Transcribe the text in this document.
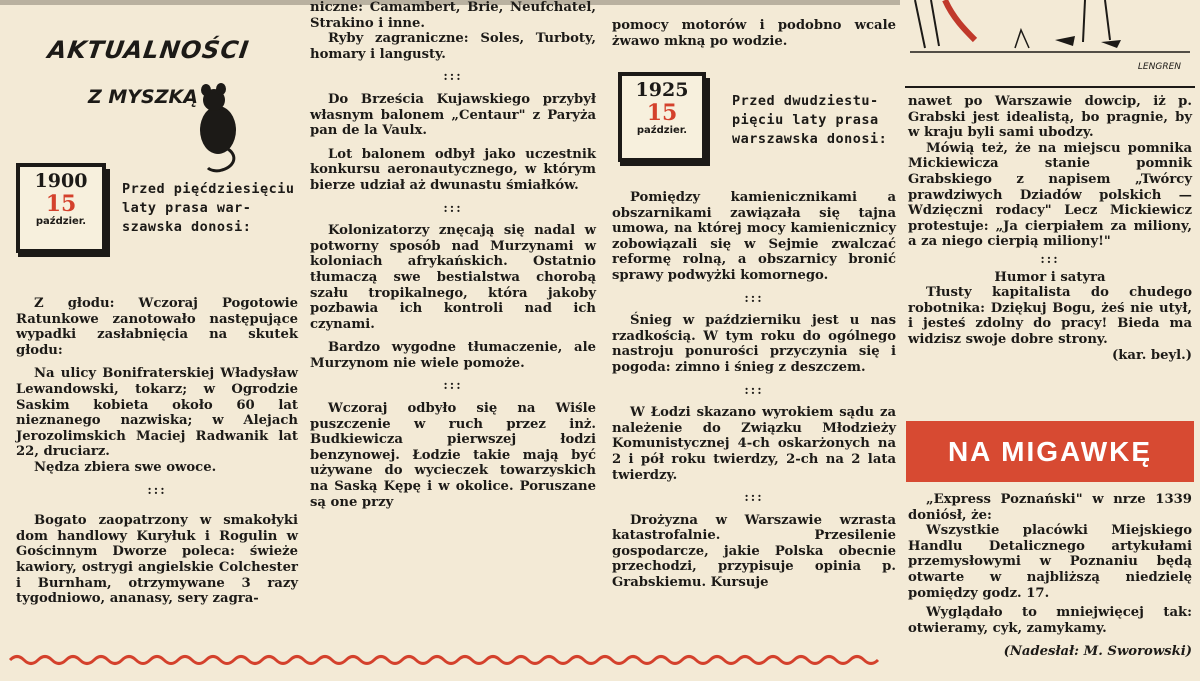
AKTUALNOŚCI
Z MYSZKĄ
1900
15
paździer.
Przed pięćdziesięciu
laty prasa war-
szawska donosi:

Z głodu: Wczoraj Pogotowie Ratunkowe zanotowało następujące wypadki zasłabnięcia na skutek głodu:

Na ulicy Bonifraterskiej Władysław Lewandowski, tokarz; w Ogrodzie Saskim kobieta około 60 lat nieznanego nazwiska; w Alejach Jerozolimskich Maciej Radwanik lat 22, druciarz.

Nędza zbiera swe owoce.

:::

Bogato zaopatrzony w smakołyki dom handlowy Kuryłuk i Rogulin w Gościnnym Dworze poleca: świeże kawiory, ostrygi angielskie Colchester i Burnham, otrzymywane 3 razy tygodniowo, ananasy, sery zagra-

niczne: Camambert, Brie, Neufchatel, Strakino i inne.

Ryby zagraniczne: Soles, Turboty, homary i langusty.

:::

Do Brześcia Kujawskiego przybył własnym balonem „Centaur" z Paryża pan de la Vaulx.

Lot balonem odbył jako uczestnik konkursu aeronautycznego, w którym bierze udział aż dwunastu śmiałków.

:::

Kolonizatorzy znęcają się nadal w potworny sposób nad Murzynami w koloniach afrykańskich. Ostatnio tłumaczą swe bestialstwa chorobą szału tropikalnego, która jakoby pozbawia ich kontroli nad ich czynami.

Bardzo wygodne tłumaczenie, ale Murzynom nie wiele pomoże.

:::

Wczoraj odbyło się na Wiśle puszczenie w ruch przez inż. Budkiewicza pierwszej łodzi benzynowej. Łodzie takie mają być używane do wycieczek towarzyskich na Saską Kępę i w okolice. Poruszane są one przy

pomocy motorów i podobno wcale żwawo mkną po wodzie.

1925
15
paździer.
Przed dwudziestu-
pięciu laty prasa
warszawska donosi:

Pomiędzy kamienicznikami a obszarnikami zawiązała się tajna umowa, na której mocy kamienicznicy zobowiązali się w Sejmie zwalczać reformę rolną, a obszarnicy bronić sprawy podwyżki komornego.

:::

Śnieg w październiku jest u nas rzadkością. W tym roku do ogólnego nastroju ponurości przyczynia się i pogoda: zimno i śnieg z deszczem.

:::

W Łodzi skazano wyrokiem sądu za należenie do Związku Młodzieży Komunistycznej 4-ch oskarżonych na 2 i pół roku twierdzy, 2-ch na 2 lata twierdzy.

:::

Drożyzna w Warszawie wzrasta katastrofalnie. Przesilenie gospodarcze, jakie Polska obecnie przechodzi, przypisuje opinia p. Grabskiemu. Kursuje

LENGREN

nawet po Warszawie dowcip, iż p. Grabski jest idealistą, bo pragnie, by w kraju byli sami ubodzy.

Mówią też, że na miejscu pomnika Mickiewicza stanie pomnik Grabskiego z napisem „Twórcy prawdziwych Dziadów polskich — Wdzięczni rodacy" Lecz Mickiewicz protestuje: „Ja cierpiałem za miliony, a za niego cierpią miliony!"

:::

Humor i satyra

Tłusty kapitalista do chudego robotnika: Dziękuj Bogu, żeś nie utył, i jesteś zdolny do pracy! Bieda ma widzisz swoje dobre strony.

(kar. beyl.)

NA MIGAWKĘ

„Express Poznański" w nrze 1339 doniósł, że:

Wszystkie placówki Miejskiego Handlu Detalicznego artykułami przemysłowymi w Poznaniu będą otwarte w najbliższą niedzielę pomiędzy godz. 17.

Wyglądało to mniejwięcej tak: otwieramy, cyk, zamykamy.

(Nadesłał: M. Sworowski)
